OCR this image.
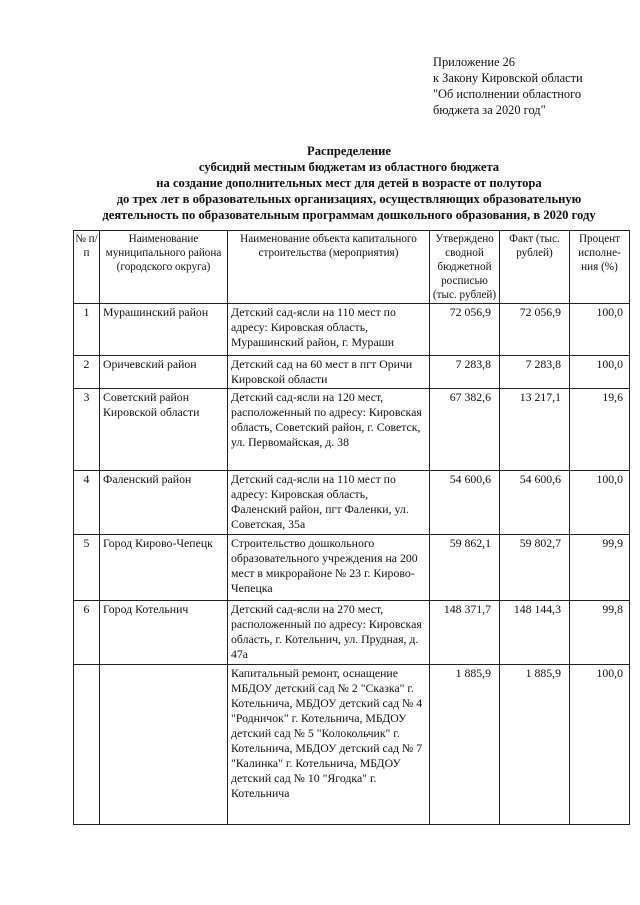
Приложение 26
к Закону Кировской области
"Об исполнении областного
бюджета за 2020 год"
Распределение
субсидий местным бюджетам из областного бюджета
на создание дополнительных мест для детей в возрасте от полутора
до трех лет в образовательных организациях, осуществляющих образовательную
деятельность по образовательным программам дошкольного образования, в 2020 году
№ п/п	Наименование муниципального района (городского округа)	Наименование объекта капитального строительства (мероприятия)	Утверждено сводной бюджетной росписью (тыс. рублей)	Факт (тыс. рублей)	Процент исполне-ния (%)
1	Мурашинский район	Детский сад-ясли на 110 мест по адресу: Кировская область, Мурашинский район, г. Мураши	72 056,9	72 056,9	100,0
2	Оричевский район	Детский сад на 60 мест в пгт Оричи Кировской области	7 283,8	7 283,8	100,0
3	Советский район Кировской области	Детский сад-ясли на 120 мест, расположенный по адресу: Кировская область, Советский район, г. Советск, ул. Первомайская, д. 38	67 382,6	13 217,1	19,6
4	Фаленский район	Детский сад-ясли на 110 мест по адресу: Кировская область, Фаленский район, пгт Фаленки, ул. Советская, 35а	54 600,6	54 600,6	100,0
5	Город Кирово-Чепецк	Строительство дошкольного образовательного учреждения на 200 мест в микрорайоне № 23 г. Кирово-Чепецка	59 862,1	59 802,7	99,9
6	Город Котельнич	Детский сад-ясли на 270 мест, расположенный по адресу: Кировская область, г. Котельнич, ул. Прудная, д. 47а	148 371,7	148 144,3	99,8
		Капитальный ремонт, оснащение МБДОУ детский сад № 2 "Сказка" г. Котельнича, МБДОУ детский сад № 4 "Родничок" г. Котельнича, МБДОУ детский сад № 5 "Колокольчик" г. Котельнича, МБДОУ детский сад № 7 "Калинка" г. Котельнича, МБДОУ детский сад № 10 "Ягодка" г. Котельнича	1 885,9	1 885,9	100,0
